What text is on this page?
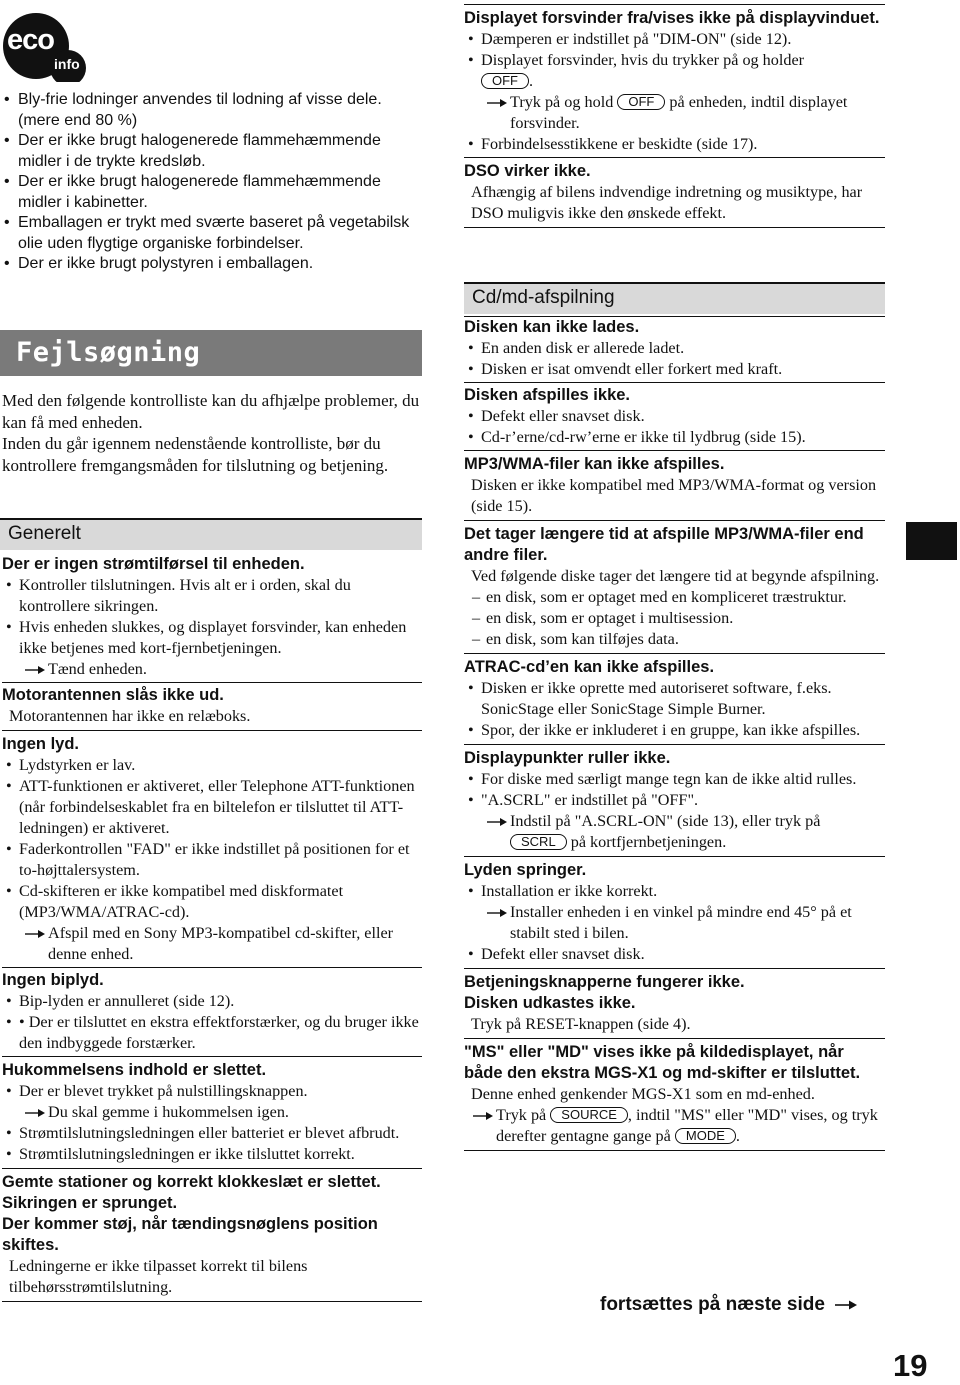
eco
info
• Bly-frie lodninger anvendes til lodning af visse dele. (mere end 80 %)
• Der er ikke brugt halogenerede flammehæmmende midler i de trykte kredsløb.
• Der er ikke brugt halogenerede flammehæmmende midler i kabinetter.
• Emballagen er trykt med sværte baseret på vegetabilsk olie uden flygtige organiske forbindelser.
• Der er ikke brugt polystyren i emballagen.
Fejlsøgning
Med den følgende kontrolliste kan du afhjælpe problemer, du kan få med enheden.
Inden du går igennem nedenstående kontrolliste, bør du kontrollere fremgangsmåden for tilslutning og betjening.
Generelt
Der er ingen strømtilførsel til enheden.
• Kontroller tilslutningen. Hvis alt er i orden, skal du kontrollere sikringen.
• Hvis enheden slukkes, og displayet forsvinder, kan enheden ikke betjenes med kort-fjernbetjeningen.
Tænd enheden.
Motorantennen slås ikke ud.
Motorantennen har ikke en relæboks.
Ingen lyd.
• Lydstyrken er lav.
• ATT-funktionen er aktiveret, eller Telephone ATT-funktionen (når forbindelseskablet fra en biltelefon er tilsluttet til ATT-ledningen) er aktiveret.
• Faderkontrollen "FAD" er ikke indstillet på positionen for et to-højttalersystem.
• Cd-skifteren er ikke kompatibel med diskformatet (MP3/WMA/ATRAC-cd).
Afspil med en Sony MP3-kompatibel cd-skifter, eller denne enhed.
Ingen biplyd.
• Bip-lyden er annulleret (side 12).
• • Der er tilsluttet en ekstra effektforstærker, og du bruger ikke den indbyggede forstærker.
Hukommelsens indhold er slettet.
• Der er blevet trykket på nulstillingsknappen.
Du skal gemme i hukommelsen igen.
• Strømtilslutningsledningen eller batteriet er blevet afbrudt.
• Strømtilslutningsledningen er ikke tilsluttet korrekt.
Gemte stationer og korrekt klokkeslæt er slettet.
Sikringen er sprunget.
Der kommer støj, når tændingsnøglens position skiftes.
Ledningerne er ikke tilpasset korrekt til bilens tilbehørsstrømtilslutning.
Displayet forsvinder fra/vises ikke på displayvinduet.
• Dæmperen er indstillet på "DIM-ON" (side 12).
• Displayet forsvinder, hvis du trykker på og holder
OFF .
Tryk på og hold OFF på enheden, indtil displayet forsvinder.
• Forbindelsesstikkene er beskidte (side 17).
DSO virker ikke.
Afhængig af bilens indvendige indretning og musiktype, har DSO muligvis ikke den ønskede effekt.
Cd/md-afspilning
Disken kan ikke lades.
• En anden disk er allerede ladet.
• Disken er isat omvendt eller forkert med kraft.
Disken afspilles ikke.
• Defekt eller snavset disk.
• Cd-r’erne/cd-rw’erne er ikke til lydbrug (side 15).
MP3/WMA-filer kan ikke afspilles.
Disken er ikke kompatibel med MP3/WMA-format og version (side 15).
Det tager længere tid at afspille MP3/WMA-filer end andre filer.
Ved følgende diske tager det længere tid at begynde afspilning.
– en disk, som er optaget med en kompliceret træstruktur.
– en disk, som er optaget i multisession.
– en disk, som kan tilføjes data.
ATRAC-cd’en kan ikke afspilles.
• Disken er ikke oprette med autoriseret software, f.eks. SonicStage eller SonicStage Simple Burner.
• Spor, der ikke er inkluderet i en gruppe, kan ikke afspilles.
Displaypunkter ruller ikke.
• For diske med særligt mange tegn kan de ikke altid rulles.
• "A.SCRL" er indstillet på "OFF".
Indstil på "A.SCRL-ON" (side 13), eller tryk på
SCRL på kortfjernbetjeningen.
Lyden springer.
• Installation er ikke korrekt.
Installer enheden i en vinkel på mindre end 45° på et stabilt sted i bilen.
• Defekt eller snavset disk.
Betjeningsknapperne fungerer ikke.
Disken udkastes ikke.
Tryk på RESET-knappen (side 4).
"MS" eller "MD" vises ikke på kildedisplayet, når både den ekstra MGS-X1 og md-skifter er tilsluttet.
Denne enhed genkender MGS-X1 som en md-enhed.
Tryk på SOURCE , indtil "MS" eller "MD" vises, og tryk derefter gentagne gange på MODE .
fortsættes på næste side
19
